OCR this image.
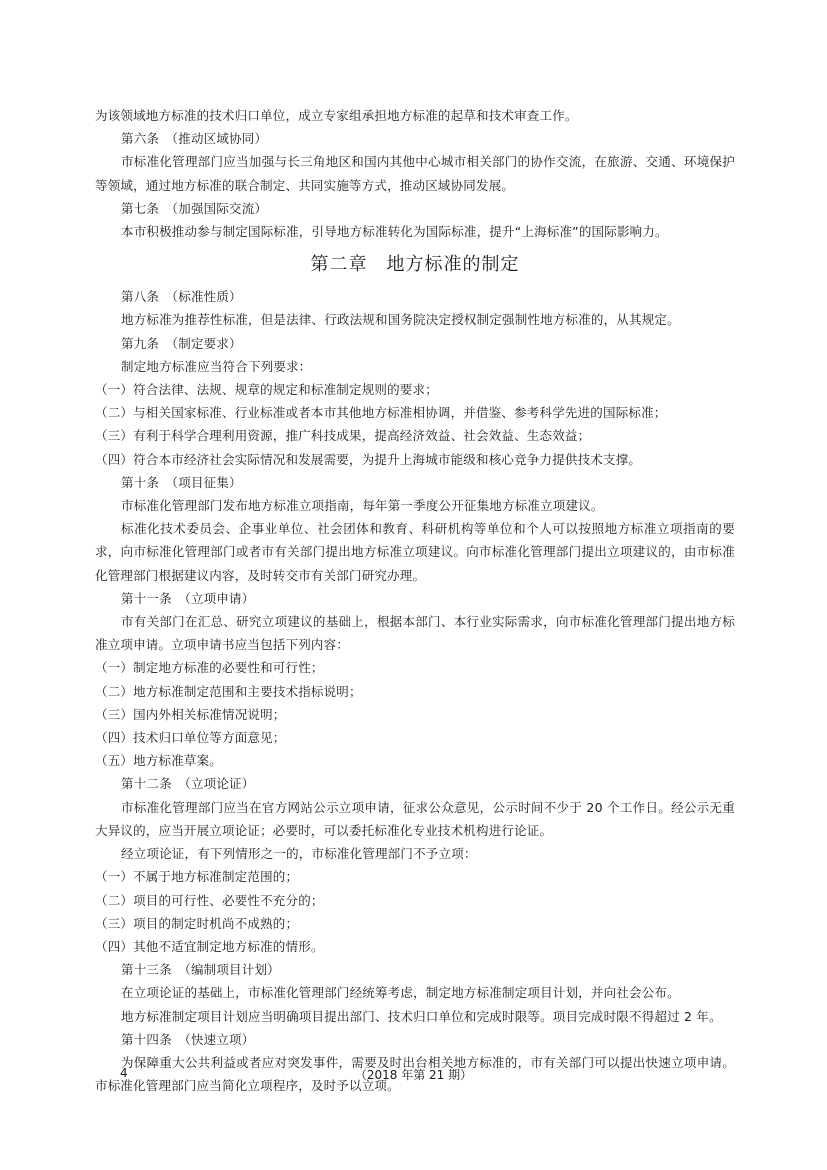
为该领域地方标准的技术归口单位，成立专家组承担地方标准的起草和技术审查工作。
第六条　（推动区域协同）
市标准化管理部门应当加强与长三角地区和国内其他中心城市相关部门的协作交流，在旅游、交通、环境保护等领域，通过地方标准的联合制定、共同实施等方式，推动区域协同发展。
第七条　（加强国际交流）
本市积极推动参与制定国际标准，引导地方标准转化为国际标准，提升“上海标准”的国际影响力。
第二章　地方标准的制定
第八条　（标准性质）
地方标准为推荐性标准，但是法律、行政法规和国务院决定授权制定强制性地方标准的，从其规定。
第九条　（制定要求）
制定地方标准应当符合下列要求：
（一）符合法律、法规、规章的规定和标准制定规则的要求；
（二）与相关国家标准、行业标准或者本市其他地方标准相协调，并借鉴、参考科学先进的国际标准；
（三）有利于科学合理利用资源，推广科技成果，提高经济效益、社会效益、生态效益；
（四）符合本市经济社会实际情况和发展需要，为提升上海城市能级和核心竞争力提供技术支撑。
第十条　（项目征集）
市标准化管理部门发布地方标准立项指南，每年第一季度公开征集地方标准立项建议。
标准化技术委员会、企事业单位、社会团体和教育、科研机构等单位和个人可以按照地方标准立项指南的要求，向市标准化管理部门或者市有关部门提出地方标准立项建议。向市标准化管理部门提出立项建议的，由市标准化管理部门根据建议内容，及时转交市有关部门研究办理。
第十一条　（立项申请）
市有关部门在汇总、研究立项建议的基础上，根据本部门、本行业实际需求，向市标准化管理部门提出地方标准立项申请。立项申请书应当包括下列内容：
（一）制定地方标准的必要性和可行性；
（二）地方标准制定范围和主要技术指标说明；
（三）国内外相关标准情况说明；
（四）技术归口单位等方面意见；
（五）地方标准草案。
第十二条　（立项论证）
市标准化管理部门应当在官方网站公示立项申请，征求公众意见，公示时间不少于 20 个工作日。经公示无重大异议的，应当开展立项论证；必要时，可以委托标准化专业技术机构进行论证。
经立项论证，有下列情形之一的，市标准化管理部门不予立项：
（一）不属于地方标准制定范围的；
（二）项目的可行性、必要性不充分的；
（三）项目的制定时机尚不成熟的；
（四）其他不适宜制定地方标准的情形。
第十三条　（编制项目计划）
在立项论证的基础上，市标准化管理部门经统筹考虑，制定地方标准制定项目计划，并向社会公布。
地方标准制定项目计划应当明确项目提出部门、技术归口单位和完成时限等。项目完成时限不得超过 2 年。
第十四条　（快速立项）
为保障重大公共利益或者应对突发事件，需要及时出台相关地方标准的，市有关部门可以提出快速立项申请。市标准化管理部门应当简化立项程序，及时予以立项。
4	（2018 年第 21 期）
